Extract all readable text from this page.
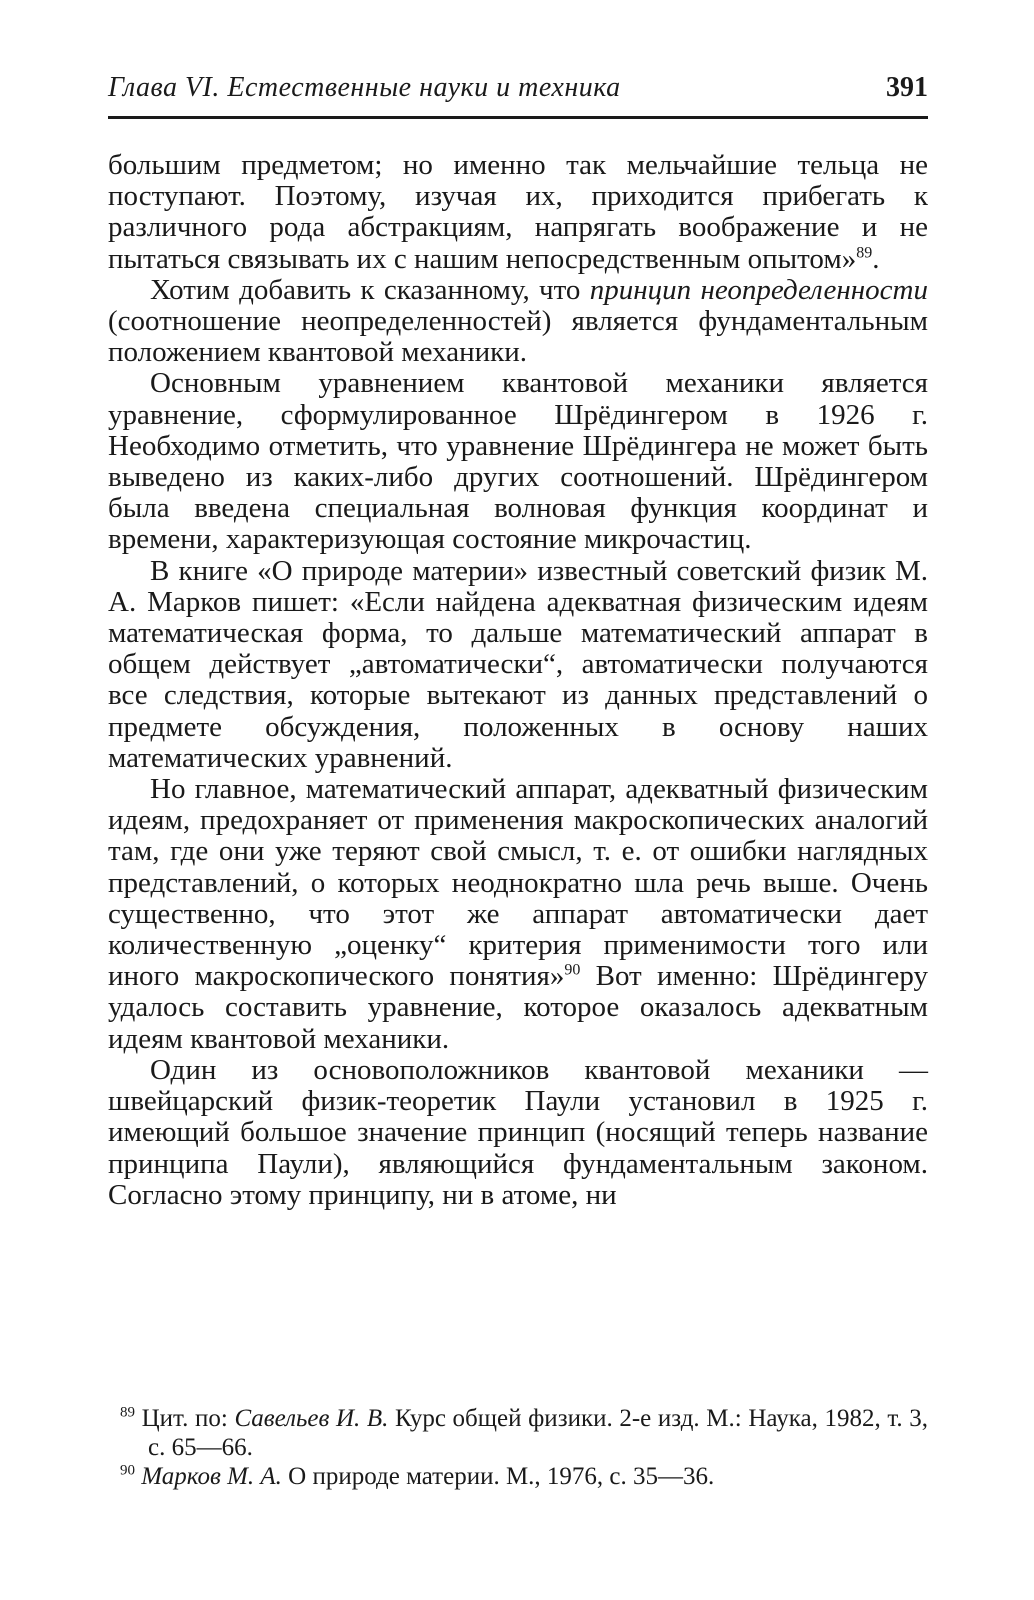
Глава VI. Естественные науки и техника	391

большим предметом; но именно так мельчайшие тельца не поступают. Поэтому, изучая их, приходится прибегать к различного рода абстракциям, напрягать воображение и не пытаться связывать их с нашим непосредственным опытом»$^{89}$.

Хотим добавить к сказанному, что принцип неопределенности (соотношение неопределенностей) является фундаментальным положением квантовой механики.

Основным уравнением квантовой механики является уравнение, сформулированное Шрёдингером в 1926 г. Необходимо отметить, что уравнение Шрёдингера не может быть выведено из каких-либо других соотношений. Шрёдингером была введена специальная волновая функция координат и времени, характеризующая состояние микрочастиц.

В книге «О природе материи» известный советский физик М. А. Марков пишет: «Если найдена адекватная физическим идеям математическая форма, то дальше математический аппарат в общем действует „автоматически“, автоматически получаются все следствия, которые вытекают из данных представлений о предмете обсуждения, положенных в основу наших математических уравнений.

Но главное, математический аппарат, адекватный физическим идеям, предохраняет от применения макроскопических аналогий там, где они уже теряют свой смысл, т. е. от ошибки наглядных представлений, о которых неоднократно шла речь выше. Очень существенно, что этот же аппарат автоматически дает количественную „оценку“ критерия применимости того или иного макроскопического понятия»$^{90}$ Вот именно: Шрёдингеру удалось составить уравнение, которое оказалось адекватным идеям квантовой механики.

Один из основоположников квантовой механики — швейцарский физик-теоретик Паули установил в 1925 г. имеющий большое значение принцип (носящий теперь название принципа Паули), являющийся фундаментальным законом. Согласно этому принципу, ни в атоме, ни

$^{89}$ Цит. по: Савельев И. В. Курс общей физики. 2-е изд. М.: Наука, 1982, т. 3, с. 65—66.

$^{90}$ Марков М. А. О природе материи. М., 1976, с. 35—36.
